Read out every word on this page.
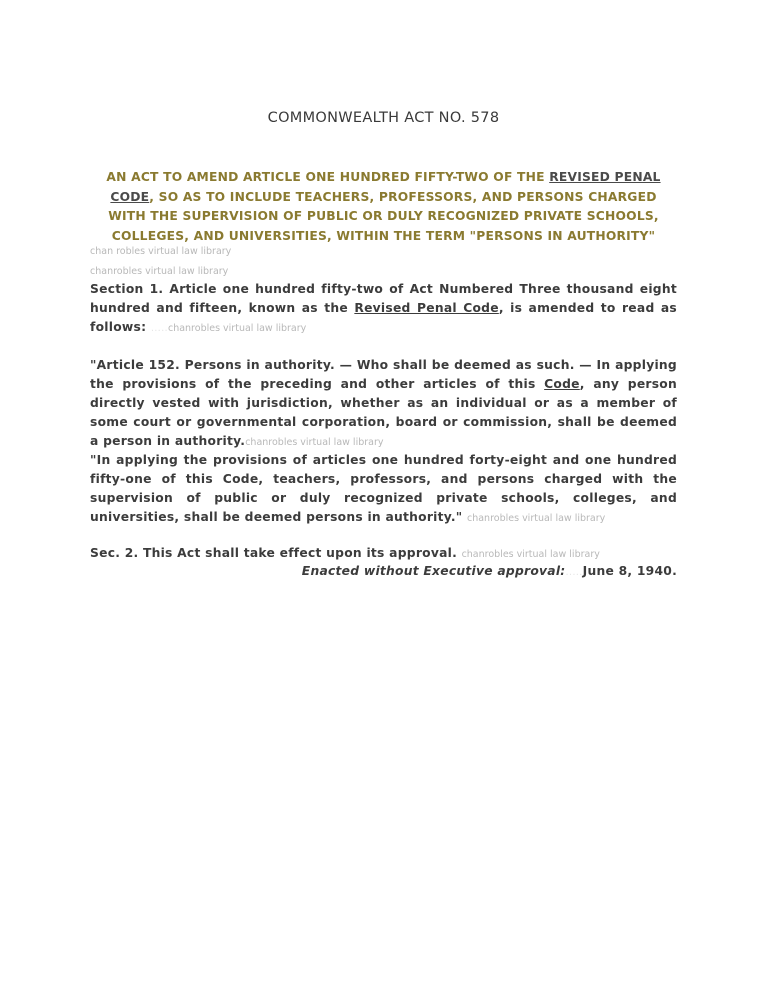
COMMONWEALTH ACT NO. 578
AN ACT TO AMEND ARTICLE ONE HUNDRED FIFTY-TWO OF THE REVISED PENAL CODE, SO AS TO INCLUDE TEACHERS, PROFESSORS, AND PERSONS CHARGED WITH THE SUPERVISION OF PUBLIC OR DULY RECOGNIZED PRIVATE SCHOOLS, COLLEGES, AND UNIVERSITIES, WITHIN THE TERM "PERSONS IN AUTHORITY"
chan robles virtual law library
chanrobles virtual law library
Section 1. Article one hundred fifty-two of Act Numbered Three thousand eight hundred and fifteen, known as the Revised Penal Code, is amended to read as follows: .....chanrobles virtual law library
"Article 152. Persons in authority. — Who shall be deemed as such. — In applying the provisions of the preceding and other articles of this Code, any person directly vested with jurisdiction, whether as an individual or as a member of some court or governmental corporation, board or commission, shall be deemed a person in authority.chanrobles virtual law library
"In applying the provisions of articles one hundred forty-eight and one hundred fifty-one of this Code, teachers, professors, and persons charged with the supervision of public or duly recognized private schools, colleges, and universities, shall be deemed persons in authority." chanrobles virtual law library
Sec. 2. This Act shall take effect upon its approval. chanrobles virtual law library
Enacted without Executive approval:.....June 8, 1940.
